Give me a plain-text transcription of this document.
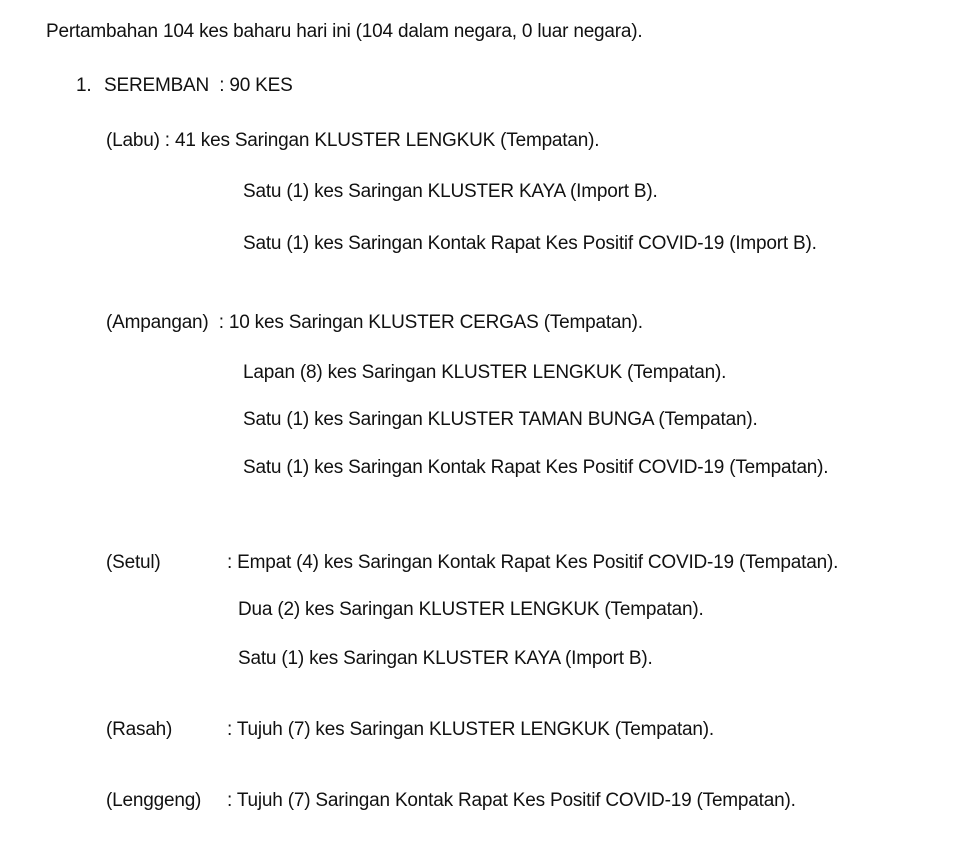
Pertambahan 104 kes baharu hari ini (104 dalam negara, 0 luar negara).
1. SEREMBAN  : 90 KES
(Labu) : 41 kes Saringan KLUSTER LENGKUK (Tempatan).
Satu (1) kes Saringan KLUSTER KAYA (Import B).
Satu (1) kes Saringan Kontak Rapat Kes Positif COVID-19 (Import B).
(Ampangan)  : 10 kes Saringan KLUSTER CERGAS (Tempatan).
Lapan (8) kes Saringan KLUSTER LENGKUK (Tempatan).
Satu (1) kes Saringan KLUSTER TAMAN BUNGA (Tempatan).
Satu (1) kes Saringan Kontak Rapat Kes Positif COVID-19 (Tempatan).
(Setul)	: Empat (4) kes Saringan Kontak Rapat Kes Positif COVID-19 (Tempatan).
Dua (2) kes Saringan KLUSTER LENGKUK (Tempatan).
Satu (1) kes Saringan KLUSTER KAYA (Import B).
(Rasah)	: Tujuh (7) kes Saringan KLUSTER LENGKUK (Tempatan).
(Lenggeng) : Tujuh (7) Saringan Kontak Rapat Kes Positif COVID-19 (Tempatan).
